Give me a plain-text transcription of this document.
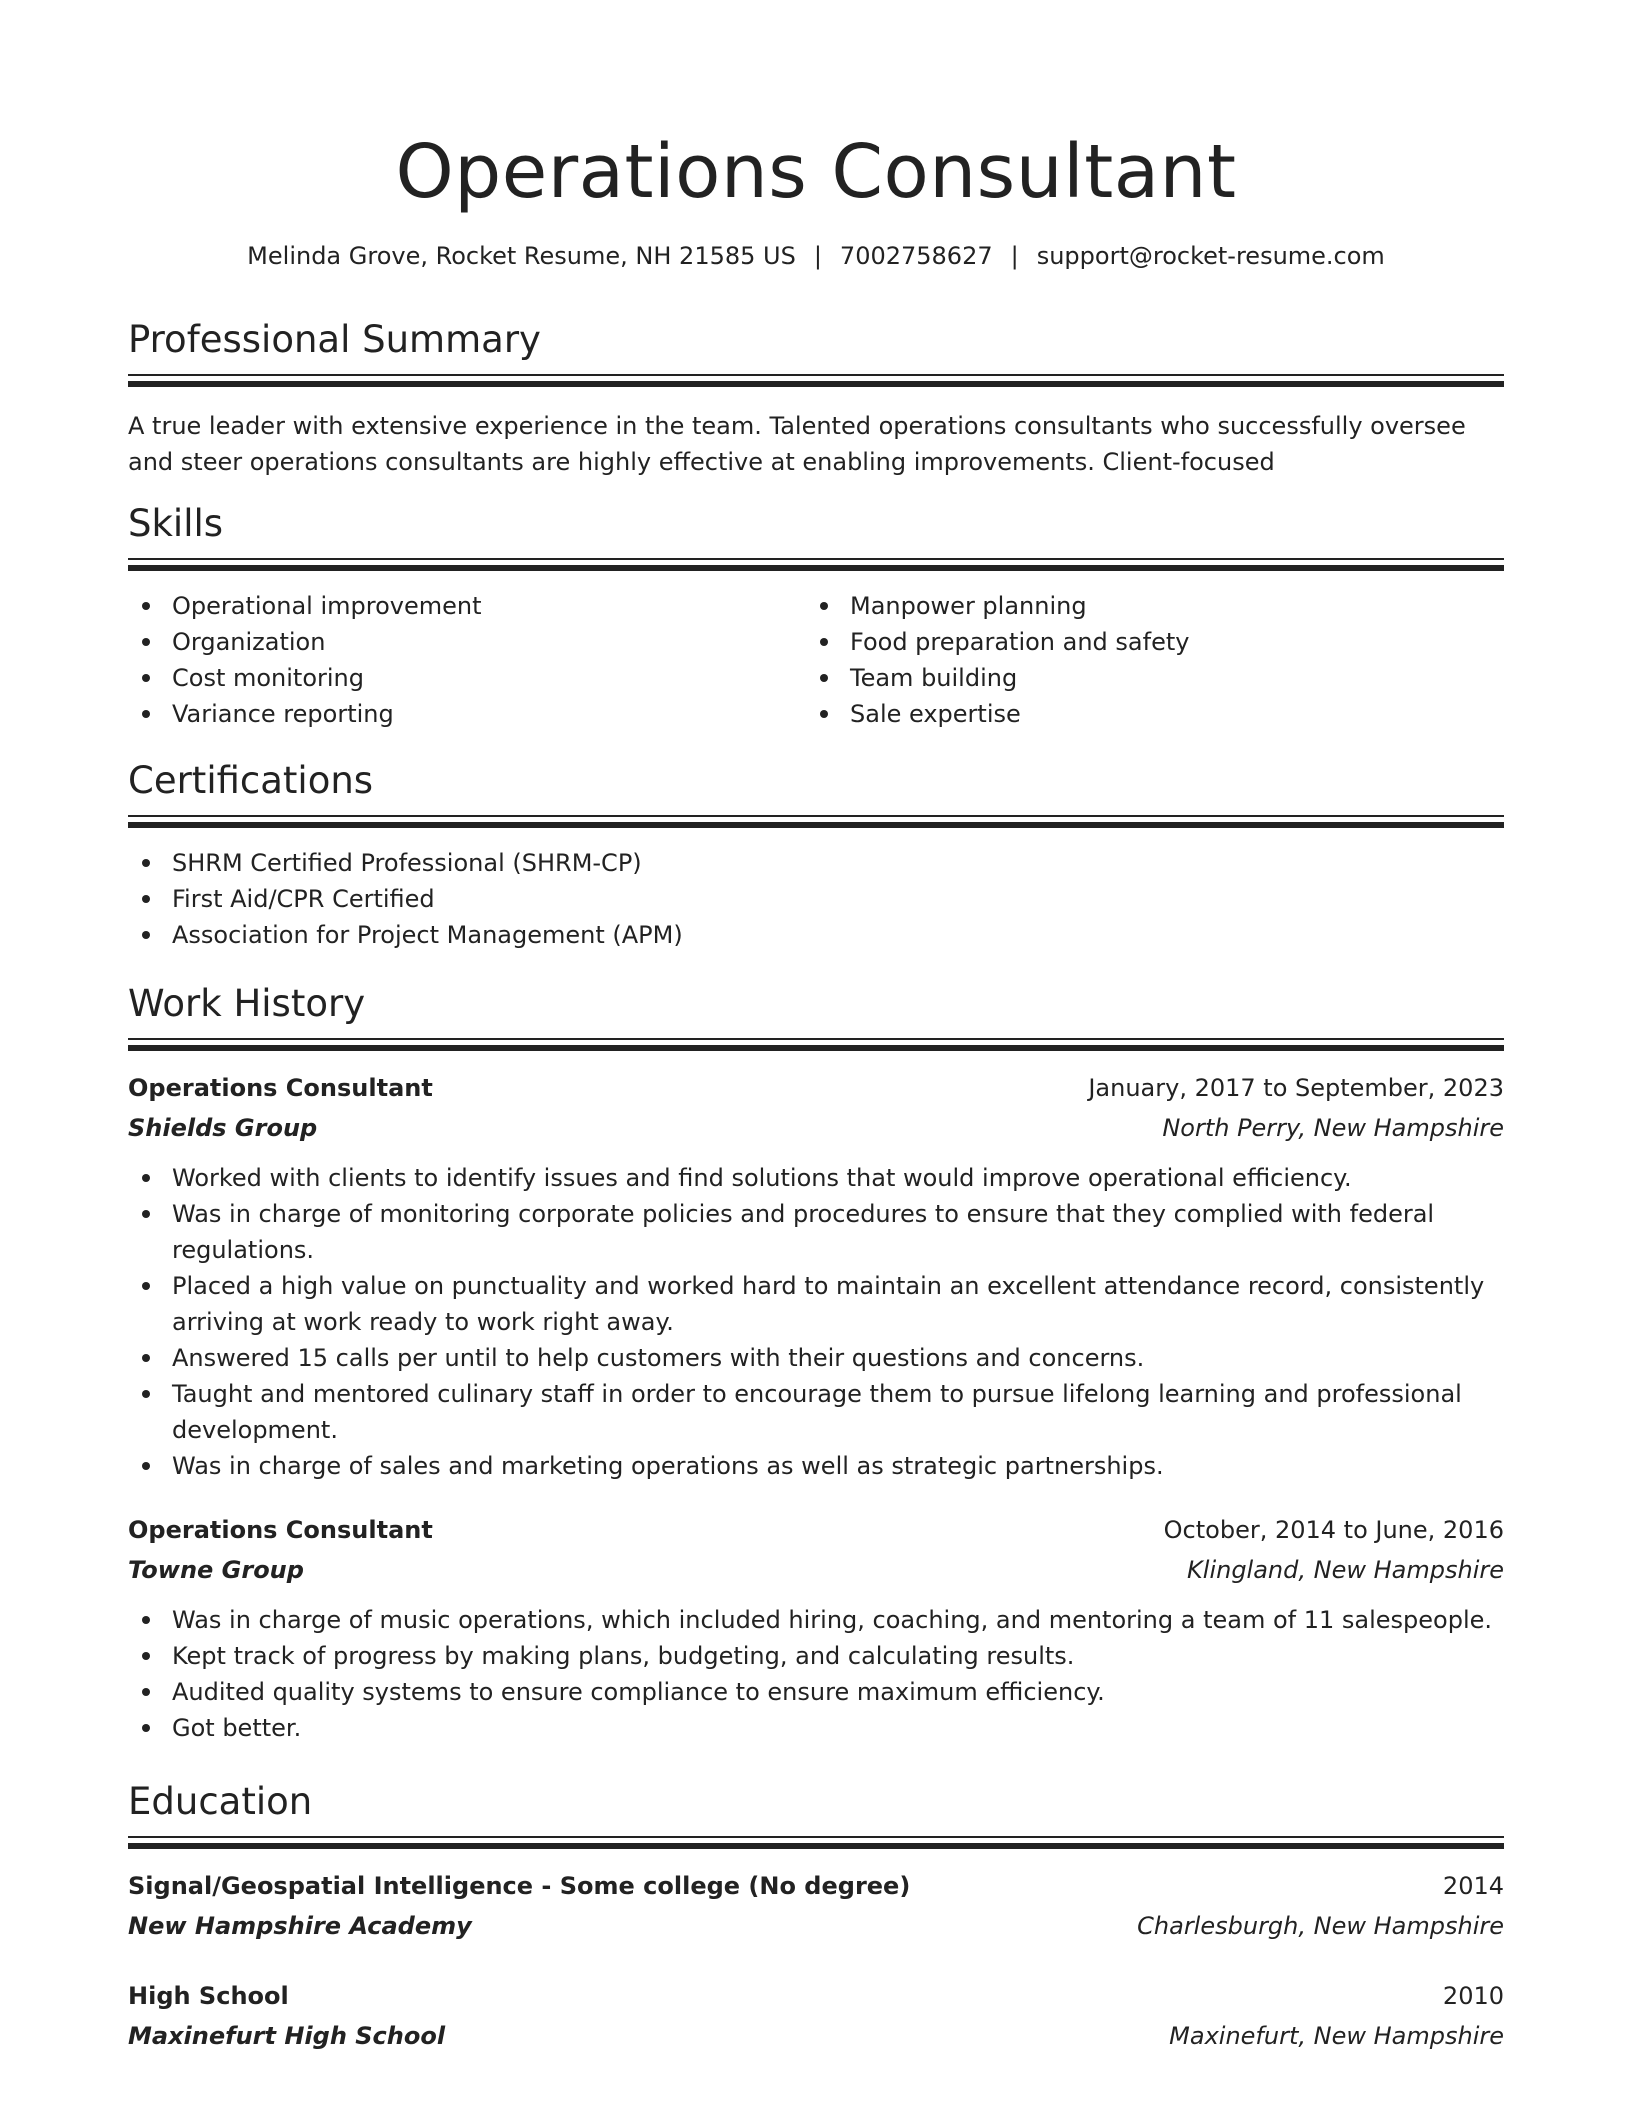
Operations Consultant
Melinda Grove, Rocket Resume, NH 21585 US | 7002758627 | support@rocket-resume.com
Professional Summary
A true leader with extensive experience in the team. Talented operations consultants who successfully oversee and steer operations consultants are highly effective at enabling improvements. Client-focused
Skills
Operational improvement
Organization
Cost monitoring
Variance reporting
Manpower planning
Food preparation and safety
Team building
Sale expertise
Certifications
SHRM Certified Professional (SHRM-CP)
First Aid/CPR Certified
Association for Project Management (APM)
Work History
Operations Consultant	January, 2017 to September, 2023
Shields Group	North Perry, New Hampshire
Worked with clients to identify issues and find solutions that would improve operational efficiency.
Was in charge of monitoring corporate policies and procedures to ensure that they complied with federal regulations.
Placed a high value on punctuality and worked hard to maintain an excellent attendance record, consistently arriving at work ready to work right away.
Answered 15 calls per until to help customers with their questions and concerns.
Taught and mentored culinary staff in order to encourage them to pursue lifelong learning and professional development.
Was in charge of sales and marketing operations as well as strategic partnerships.
Operations Consultant	October, 2014 to June, 2016
Towne Group	Klingland, New Hampshire
Was in charge of music operations, which included hiring, coaching, and mentoring a team of 11 salespeople.
Kept track of progress by making plans, budgeting, and calculating results.
Audited quality systems to ensure compliance to ensure maximum efficiency.
Got better.
Education
Signal/Geospatial Intelligence - Some college (No degree)	2014
New Hampshire Academy	Charlesburgh, New Hampshire
High School	2010
Maxinefurt High School	Maxinefurt, New Hampshire
